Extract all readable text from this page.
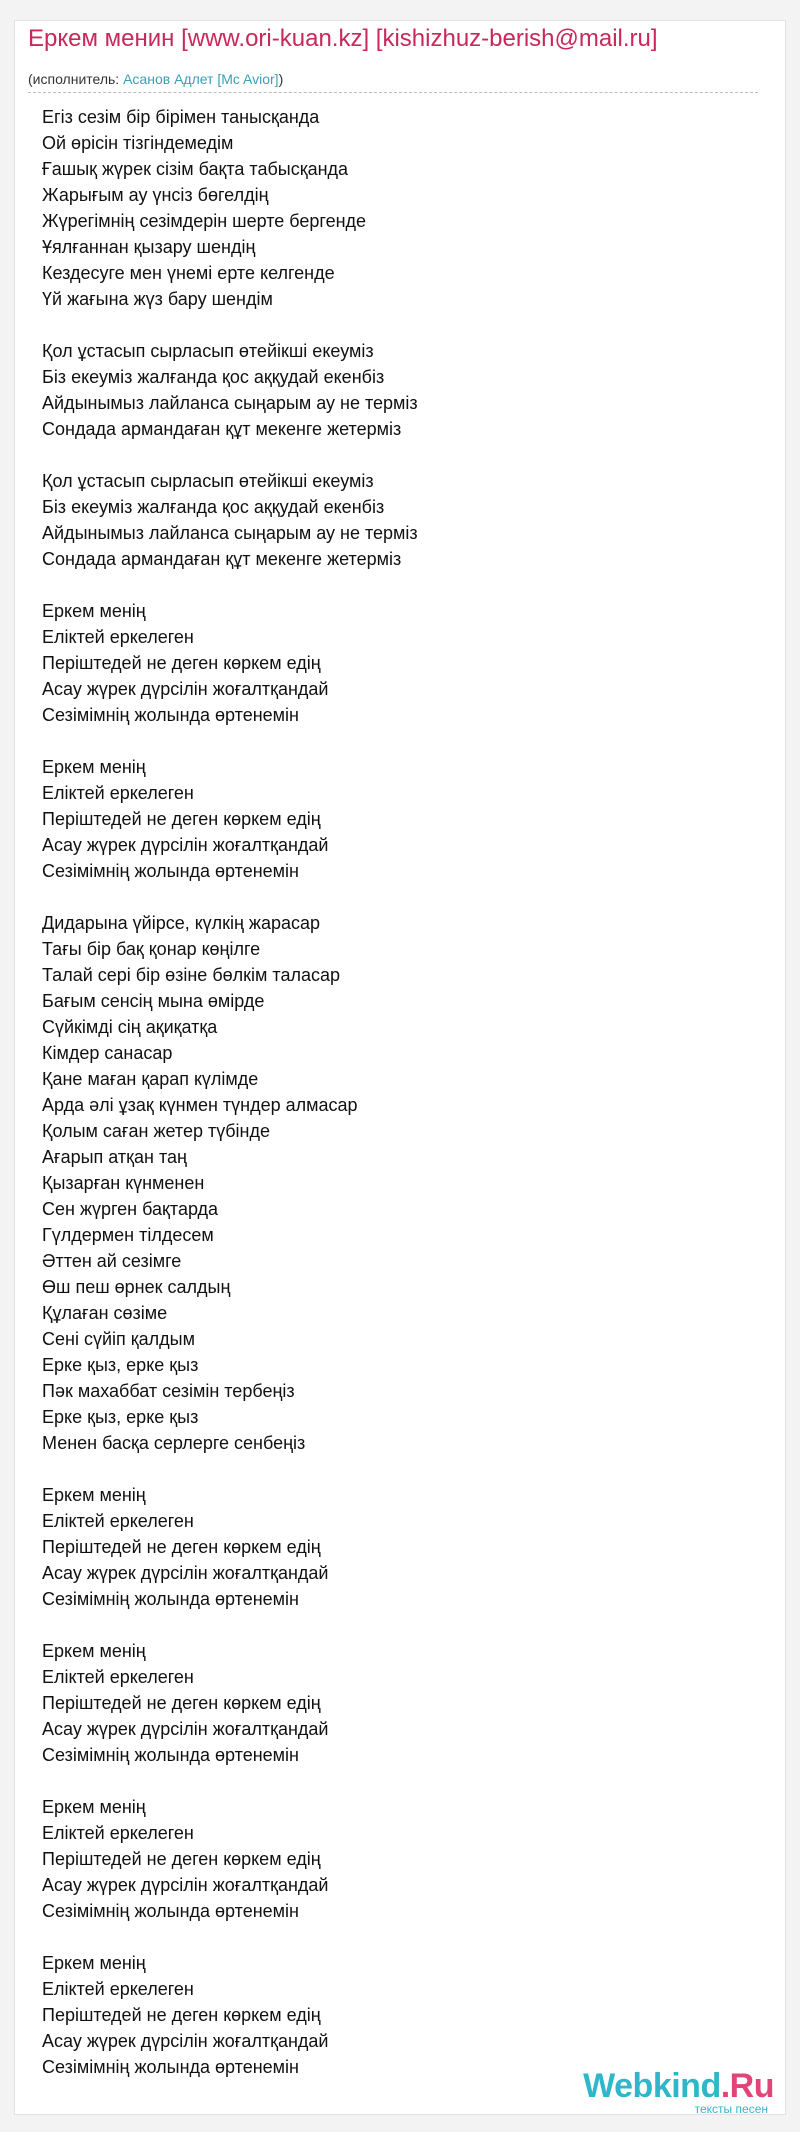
Еркем менин [www.ori-kuan.kz] [kishizhuz-berish@mail.ru]
(исполнитель: Асанов Адлет [Mc Avior])
Егіз сезім бір бірімен танысқанда
Ой өрісін тізгіндемедім
Ғашық жүрек сізім бақта табысқанда
Жарығым ау үнсіз бөгелдің
Жүрегімнің сезімдерін шерте бергенде
Ұялғаннан қызару шендің
Кездесуге мен үнемі ерте келгенде
Үй жағына жүз бару шендім
Қол ұстасып сырласып өтейікші екеуміз
Біз екеуміз жалғанда қос аққудай екенбіз
Айдынымыз лайланса сыңарым ау не терміз
Сондада армандаған құт мекенге жетерміз
Қол ұстасып сырласып өтейікші екеуміз
Біз екеуміз жалғанда қос аққудай екенбіз
Айдынымыз лайланса сыңарым ау не терміз
Сондада армандаған құт мекенге жетерміз
Еркем менің
Еліктей еркелеген
Періштедей не деген көркем едің
Асау жүрек дүрсілін жоғалтқандай
Сезімімнің жолында өртенемін
Еркем менің
Еліктей еркелеген
Періштедей не деген көркем едің
Асау жүрек дүрсілін жоғалтқандай
Сезімімнің жолында өртенемін
Дидарына үйірсе, күлкің жарасар
Тағы бір бақ қонар көңілге
Талай сері бір өзіне бөлкім таласар
Бағым сенсің мына өмірде
Сүйкімді сің ақиқатқа
Кімдер санасар
Қане маған қарап күлімде
Арда әлі ұзақ күнмен түндер алмасар
Қолым саған жетер түбінде
Ағарып атқан таң
Қызарған күнменен
Сен жүрген бақтарда
Гүлдермен тілдесем
Әттен ай сезімге
Өш пеш өрнек салдың
Құлаған сөзіме
Сені сүйіп қалдым
Ерке қыз, ерке қыз
Пәк махаббат сезімін тербеңіз
Ерке қыз, ерке қыз
Менен басқа серлерге сенбеңіз
Еркем менің
Еліктей еркелеген
Періштедей не деген көркем едің
Асау жүрек дүрсілін жоғалтқандай
Сезімімнің жолында өртенемін
Еркем менің
Еліктей еркелеген
Періштедей не деген көркем едің
Асау жүрек дүрсілін жоғалтқандай
Сезімімнің жолында өртенемін
Еркем менің
Еліктей еркелеген
Періштедей не деген көркем едің
Асау жүрек дүрсілін жоғалтқандай
Сезімімнің жолында өртенемін
Еркем менің
Еліктей еркелеген
Періштедей не деген көркем едің
Асау жүрек дүрсілін жоғалтқандай
Сезімімнің жолында өртенемін	Webkind.Ru
тексты песен
